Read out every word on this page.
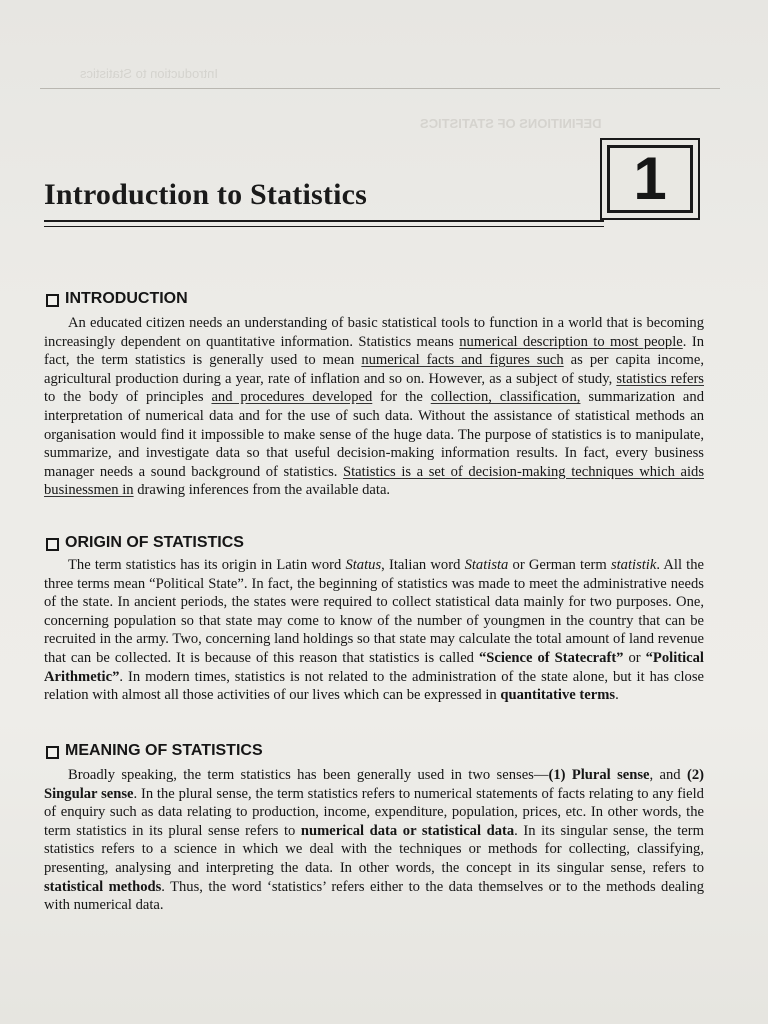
Introduction to Statistics
DEFINITIONS OF STATISTICS
1
Introduction to Statistics
INTRODUCTION

An educated citizen needs an understanding of basic statistical tools to function in a world that is becoming increasingly dependent on quantitative information. Statistics means numerical description to most people. In fact, the term statistics is generally used to mean numerical facts and figures such as per capita income, agricultural production during a year, rate of inflation and so on. However, as a subject of study, statistics refers to the body of principles and procedures developed for the collection, classification, summarization and interpretation of numerical data and for the use of such data. Without the assistance of statistical methods an organisation would find it impossible to make sense of the huge data. The purpose of statistics is to manipulate, summarize, and investigate data so that useful decision-making information results. In fact, every business manager needs a sound background of statistics. Statistics is a set of decision-making techniques which aids businessmen in drawing inferences from the available data.

ORIGIN OF STATISTICS

The term statistics has its origin in Latin word Status, Italian word Statista or German term statistik. All the three terms mean “Political State”. In fact, the beginning of statistics was made to meet the administrative needs of the state. In ancient periods, the states were required to collect statistical data mainly for two purposes. One, concerning population so that state may come to know of the number of youngmen in the country that can be recruited in the army. Two, concerning land holdings so that state may calculate the total amount of land revenue that can be collected. It is because of this reason that statistics is called “Science of Statecraft” or “Political Arithmetic”. In modern times, statistics is not related to the administration of the state alone, but it has close relation with almost all those activities of our lives which can be expressed in quantitative terms.

MEANING OF STATISTICS

Broadly speaking, the term statistics has been generally used in two senses—(1) Plural sense, and (2) Singular sense. In the plural sense, the term statistics refers to numerical statements of facts relating to any field of enquiry such as data relating to production, income, expenditure, population, prices, etc. In other words, the term statistics in its plural sense refers to numerical data or statistical data. In its singular sense, the term statistics refers to a science in which we deal with the techniques or methods for collecting, classifying, presenting, analysing and interpreting the data. In other words, the concept in its singular sense, refers to statistical methods. Thus, the word ‘statistics’ refers either to the data themselves or to the methods dealing with numerical data.
